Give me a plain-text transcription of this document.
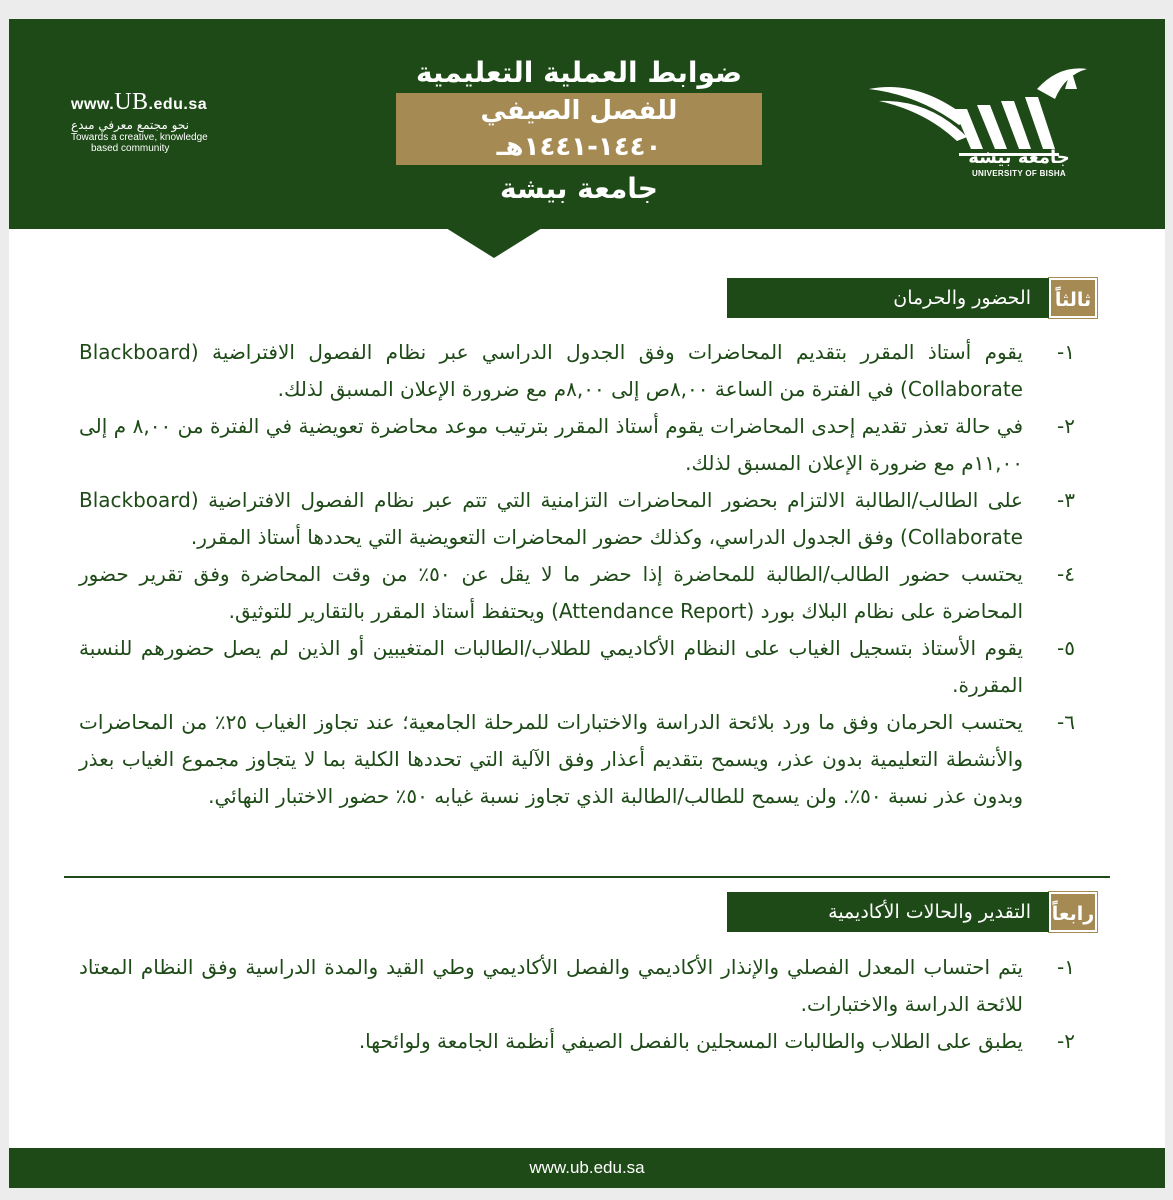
www.UB.edu.sa
نحو مجتمع معرفي مبدع
Towards a creative, knowledge
based community
ضوابط العملية التعليمية
للفصل الصيفي ١٤٤٠-١٤٤١هـ
جامعة بيشة
جامعة بيشة
UNIVERSITY OF BISHA
ثالثاً
الحضور والحرمان
١-
يقوم أستاذ المقرر بتقديم المحاضرات وفق الجدول الدراسي عبر نظام الفصول الافتراضية (Blackboard Collaborate) في الفترة من الساعة ٨,٠٠ص إلى ٨,٠٠م مع ضرورة الإعلان المسبق لذلك.
٢-
في حالة تعذر تقديم إحدى المحاضرات يقوم أستاذ المقرر بترتيب موعد محاضرة تعويضية في الفترة من ٨,٠٠ م إلى ١١,٠٠م مع ضرورة الإعلان المسبق لذلك.
٣-
على الطالب/الطالبة الالتزام بحضور المحاضرات التزامنية التي تتم عبر نظام الفصول الافتراضية (Blackboard Collaborate) وفق الجدول الدراسي، وكذلك حضور المحاضرات التعويضية التي يحددها أستاذ المقرر.
٤-
يحتسب حضور الطالب/الطالبة للمحاضرة إذا حضر ما لا يقل عن ٥٠٪ من وقت المحاضرة وفق تقرير حضور المحاضرة على نظام البلاك بورد (Attendance Report) ويحتفظ أستاذ المقرر بالتقارير للتوثيق.
٥-
يقوم الأستاذ بتسجيل الغياب على النظام الأكاديمي للطلاب/الطالبات المتغيبين أو الذين لم يصل حضورهم للنسبة المقررة.
٦-
يحتسب الحرمان وفق ما ورد بلائحة الدراسة والاختبارات للمرحلة الجامعية؛ عند تجاوز الغياب ٢٥٪ من المحاضرات والأنشطة التعليمية بدون عذر، ويسمح بتقديم أعذار وفق الآلية التي تحددها الكلية بما لا يتجاوز مجموع الغياب بعذر وبدون عذر نسبة ٥٠٪. ولن يسمح للطالب/الطالبة الذي تجاوز نسبة غيابه ٥٠٪ حضور الاختبار النهائي.
رابعاً
التقدير والحالات الأكاديمية
١-
يتم احتساب المعدل الفصلي والإنذار الأكاديمي والفصل الأكاديمي وطي القيد والمدة الدراسية وفق النظام المعتاد للائحة الدراسة والاختبارات.
٢-
يطبق على الطلاب والطالبات المسجلين بالفصل الصيفي أنظمة الجامعة ولوائحها.
www.ub.edu.sa
